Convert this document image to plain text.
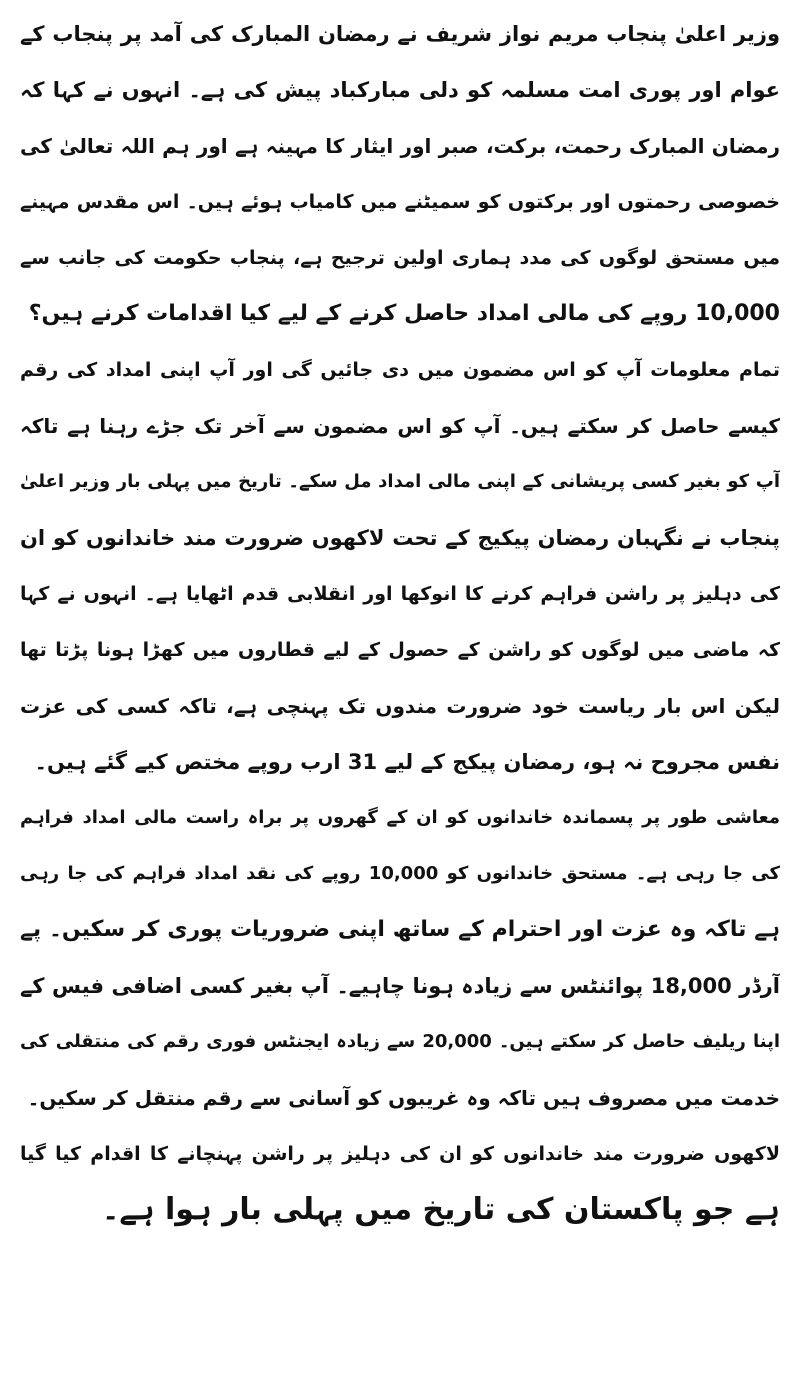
وزیر اعلیٰ پنجاب مریم نواز شریف نے رمضان المبارک کی آمد پر پنجاب کے
عوام اور پوری امت مسلمہ کو دلی مبارکباد پیش کی ہے۔ انہوں نے کہا کہ
رمضان المبارک رحمت، برکت، صبر اور ایثار کا مہینہ ہے اور ہم اللہ تعالیٰ کی
خصوصی رحمتوں اور برکتوں کو سمیٹنے میں کامیاب ہوئے ہیں۔ اس مقدس مہینے
میں مستحق لوگوں کی مدد ہماری اولین ترجیح ہے، پنجاب حکومت کی جانب سے
10,000 روپے کی مالی امداد حاصل کرنے کے لیے کیا اقدامات کرنے ہیں؟
تمام معلومات آپ کو اس مضمون میں دی جائیں گی اور آپ اپنی امداد کی رقم
کیسے حاصل کر سکتے ہیں۔ آپ کو اس مضمون سے آخر تک جڑے رہنا ہے تاکہ
آپ کو بغیر کسی پریشانی کے اپنی مالی امداد مل سکے۔ تاریخ میں پہلی بار وزیر اعلیٰ
پنجاب نے نگہبان رمضان پیکیج کے تحت لاکھوں ضرورت مند خاندانوں کو ان
کی دہلیز پر راشن فراہم کرنے کا انوکھا اور انقلابی قدم اٹھایا ہے۔ انہوں نے کہا
کہ ماضی میں لوگوں کو راشن کے حصول کے لیے قطاروں میں کھڑا ہونا پڑتا تھا
لیکن اس بار ریاست خود ضرورت مندوں تک پہنچی ہے، تاکہ کسی کی عزت
نفس مجروح نہ ہو، رمضان پیکج کے لیے 31 ارب روپے مختص کیے گئے ہیں۔
معاشی طور پر پسماندہ خاندانوں کو ان کے گھروں پر براہ راست مالی امداد فراہم
کی جا رہی ہے۔ مستحق خاندانوں کو 10,000 روپے کی نقد امداد فراہم کی جا رہی
ہے تاکہ وہ عزت اور احترام کے ساتھ اپنی ضروریات پوری کر سکیں۔ پے
آرڈر 18,000 پوائنٹس سے زیادہ ہونا چاہیے۔ آپ بغیر کسی اضافی فیس کے
اپنا ریلیف حاصل کر سکتے ہیں۔ 20,000 سے زیادہ ایجنٹس فوری رقم کی منتقلی کی
خدمت میں مصروف ہیں تاکہ وہ غریبوں کو آسانی سے رقم منتقل کر سکیں۔
لاکھوں ضرورت مند خاندانوں کو ان کی دہلیز پر راشن پہنچانے کا اقدام کیا گیا
ہے جو پاکستان کی تاریخ میں پہلی بار ہوا ہے۔
